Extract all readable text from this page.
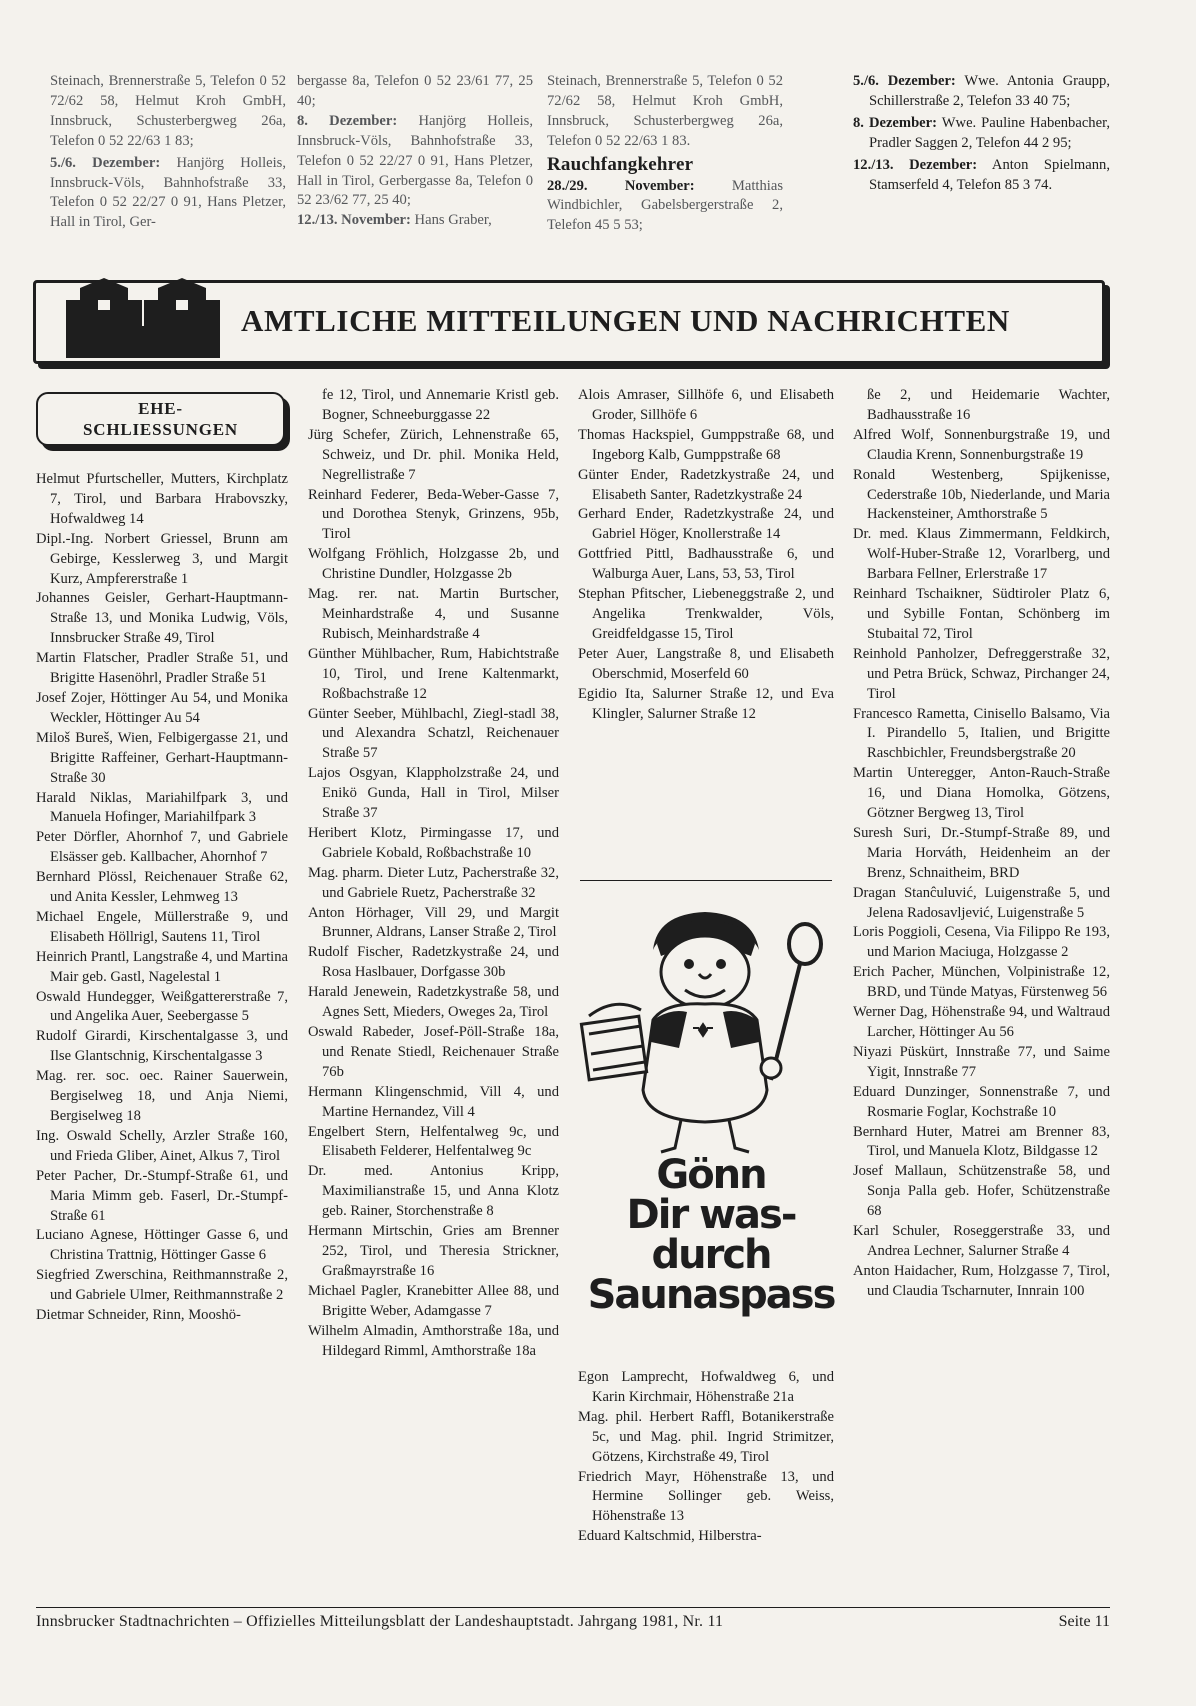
Steinach, Brennerstraße 5, Telefon 0 52 72/62 58, Helmut Kroh GmbH, Innsbruck, Schusterbergweg 26a, Telefon 0 52 22/63 1 83;

5./6. Dezember: Hanjörg Holleis, Innsbruck-Völs, Bahnhofstraße 33, Telefon 0 52 22/27 0 91, Hans Pletzer, Hall in Tirol, Ger-

bergasse 8a, Telefon 0 52 23/61 77, 25 40;

8. Dezember: Hanjörg Holleis, Innsbruck-Völs, Bahnhofstraße 33, Telefon 0 52 22/27 0 91, Hans Pletzer, Hall in Tirol, Gerbergasse 8a, Telefon 0 52 23/62 77, 25 40;

12./13. November: Hans Graber,

Steinach, Brennerstraße 5, Telefon 0 52 72/62 58, Helmut Kroh GmbH, Innsbruck, Schusterbergweg 26a, Telefon 0 52 22/63 1 83.

Rauchfangkehrer

28./29. November:	Matthias Windbichler, Gabelsbergerstraße 2, Telefon 45 5 53;

5./6. Dezember: Wwe. Antonia Graupp, Schillerstraße 2, Telefon 33 40 75;

8. Dezember: Wwe. Pauline Habenbacher, Pradler Saggen 2, Telefon 44 2 95;

12./13. Dezember: Anton Spielmann, Stamserfeld 4, Telefon 85 3 74.

AMTLICHE MITTEILUNGEN UND NACHRICHTEN
EHE-
SCHLIESSUNGEN

Helmut Pfurtscheller, Mutters, Kirchplatz 7, Tirol, und Barbara Hrabovszky, Hofwaldweg 14

Dipl.-Ing. Norbert Griessel, Brunn am Gebirge, Kesslerweg 3, und Margit Kurz, Ampfererstraße 1

Johannes Geisler, Gerhart-Hauptmann-Straße 13, und Monika Ludwig, Völs, Innsbrucker Straße 49, Tirol

Martin Flatscher, Pradler Straße 51, und Brigitte Hasenöhrl, Pradler Straße 51

Josef Zojer, Höttinger Au 54, und Monika Weckler, Höttinger Au 54

Miloš Bureš, Wien, Felbigergasse 21, und Brigitte Raffeiner, Gerhart-Hauptmann-Straße 30

Harald Niklas, Mariahilfpark 3, und Manuela Hofinger, Mariahilfpark 3

Peter Dörfler, Ahornhof 7, und Gabriele Elsässer geb. Kallbacher, Ahornhof 7

Bernhard Plössl, Reichenauer Straße 62, und Anita Kessler, Lehmweg 13

Michael Engele, Müllerstraße 9, und Elisabeth Höllrigl, Sautens 11, Tirol

Heinrich Prantl, Langstraße 4, und Martina Mair geb. Gastl, Nagelestal 1

Oswald Hundegger, Weißgattererstraße 7, und Angelika Auer, Seebergasse 5

Rudolf Girardi, Kirschentalgasse 3, und Ilse Glantschnig, Kirschentalgasse 3

Mag. rer. soc. oec. Rainer Sauerwein, Bergiselweg 18, und Anja Niemi, Bergiselweg 18

Ing. Oswald Schelly, Arzler Straße 160, und Frieda Gliber, Ainet, Alkus 7, Tirol

Peter Pacher, Dr.-Stumpf-Straße 61, und Maria Mimm geb. Faserl, Dr.-Stumpf-Straße 61

Luciano Agnese, Höttinger Gasse 6, und Christina Trattnig, Höttinger Gasse 6

Siegfried Zwerschina, Reithmannstraße 2, und Gabriele Ulmer, Reithmannstraße 2

Dietmar Schneider, Rinn, Mooshö-

fe 12, Tirol, und Annemarie Kristl geb. Bogner, Schneeburggasse 22

Jürg Schefer, Zürich, Lehnenstraße 65, Schweiz, und Dr. phil. Monika Held, Negrellistraße 7

Reinhard Federer, Beda-Weber-Gasse 7, und Dorothea Stenyk, Grinzens, 95b, Tirol

Wolfgang Fröhlich, Holzgasse 2b, und Christine Dundler, Holzgasse 2b

Mag. rer. nat. Martin Burtscher, Meinhardstraße 4, und Susanne Rubisch, Meinhardstraße 4

Günther Mühlbacher, Rum, Habichtstraße 10, Tirol, und Irene Kaltenmarkt, Roßbachstraße 12

Günter Seeber, Mühlbachl, Ziegl-stadl 38, und Alexandra Schatzl, Reichenauer Straße 57

Lajos Osgyan, Klappholzstraße 24, und Enikö Gunda, Hall in Tirol, Milser Straße 37

Heribert Klotz, Pirmingasse 17, und Gabriele Kobald, Roßbachstraße 10

Mag. pharm. Dieter Lutz, Pacherstraße 32, und Gabriele Ruetz, Pacherstraße 32

Anton Hörhager, Vill 29, und Margit Brunner, Aldrans, Lanser Straße 2, Tirol

Rudolf Fischer, Radetzkystraße 24, und Rosa Haslbauer, Dorfgasse 30b

Harald Jenewein, Radetzkystraße 58, und Agnes Sett, Mieders, Oweges 2a, Tirol

Oswald Rabeder, Josef-Pöll-Straße 18a, und Renate Stiedl, Reichenauer Straße 76b

Hermann Klingenschmid, Vill 4, und Martine Hernandez, Vill 4

Engelbert Stern, Helfentalweg 9c, und Elisabeth Felderer, Helfentalweg 9c

Dr. med. Antonius Kripp, Maximilianstraße 15, und Anna Klotz geb. Rainer, Storchenstraße 8

Hermann Mirtschin, Gries am Brenner 252, Tirol, und Theresia Strickner, Graßmayrstraße 16

Michael Pagler, Kranebitter Allee 88, und Brigitte Weber, Adamgasse 7

Wilhelm Almadin, Amthorstraße 18a, und Hildegard Rimml, Amthorstraße 18a

Alois Amraser, Sillhöfe 6, und Elisabeth Groder, Sillhöfe 6

Thomas Hackspiel, Gumppstraße 68, und Ingeborg Kalb, Gumppstraße 68

Günter Ender, Radetzkystraße 24, und Elisabeth Santer, Radetzkystraße 24

Gerhard Ender, Radetzkystraße 24, und Gabriel Höger, Knollerstraße 14

Gottfried Pittl, Badhausstraße 6, und Walburga Auer, Lans, 53, 53, Tirol

Stephan Pfitscher, Liebeneggstraße 2, und Angelika Trenkwalder, Völs, Greidfeldgasse 15, Tirol

Peter Auer, Langstraße 8, und Elisabeth Oberschmid, Moserfeld 60

Egidio Ita, Salurner Straße 12, und Eva Klingler, Salurner Straße 12

Gönn
Dir was-
durch
Saunaspass

Egon Lamprecht, Hofwaldweg 6, und Karin Kirchmair, Höhenstraße 21a

Mag. phil. Herbert Raffl, Botanikerstraße 5c, und Mag. phil. Ingrid Strimitzer, Götzens, Kirchstraße 49, Tirol

Friedrich Mayr, Höhenstraße 13, und Hermine Sollinger geb. Weiss, Höhenstraße 13

Eduard Kaltschmid, Hilberstra-

ße 2, und Heidemarie Wachter, Badhausstraße 16

Alfred Wolf, Sonnenburgstraße 19, und Claudia Krenn, Sonnenburgstraße 19

Ronald Westenberg, Spijkenisse, Cederstraße 10b, Niederlande, und Maria Hackensteiner, Amthorstraße 5

Dr. med. Klaus Zimmermann, Feldkirch, Wolf-Huber-Straße 12, Vorarlberg, und Barbara Fellner, Erlerstraße 17

Reinhard Tschaikner, Südtiroler Platz 6, und Sybille Fontan, Schönberg im Stubaital 72, Tirol

Reinhold Panholzer, Defreggerstraße 32, und Petra Brück, Schwaz, Pirchanger 24, Tirol

Francesco Rametta, Cinisello Balsamo, Via I. Pirandello 5, Italien, und Brigitte Raschbichler, Freundsbergstraße 20

Martin Unteregger, Anton-Rauch-Straße 16, und Diana Homolka, Götzens, Götzner Bergweg 13, Tirol

Suresh Suri, Dr.-Stumpf-Straße 89, und Maria Horváth, Heidenheim an der Brenz, Schnaitheim, BRD

Dragan Stanĉuluvić, Luigenstraße 5, und Jelena Radosavljević, Luigenstraße 5

Loris Poggioli, Cesena, Via Filippo Re 193, und Marion Maciuga, Holzgasse 2

Erich Pacher, München, Volpinistraße 12, BRD, und Tünde Matyas, Fürstenweg 56

Werner Dag, Höhenstraße 94, und Waltraud Larcher, Höttinger Au 56

Niyazi Püskürt, Innstraße 77, und Saime Yigit, Innstraße 77

Eduard Dunzinger, Sonnenstraße 7, und Rosmarie Foglar, Kochstraße 10

Bernhard Huter, Matrei am Brenner 83, Tirol, und Manuela Klotz, Bildgasse 12

Josef Mallaun, Schützenstraße 58, und Sonja Palla geb. Hofer, Schützenstraße 68

Karl Schuler, Roseggerstraße 33, und Andrea Lechner, Salurner Straße 4

Anton Haidacher, Rum, Holzgasse 7, Tirol, und Claudia Tscharnuter, Innrain 100

Innsbrucker Stadtnachrichten – Offizielles Mitteilungsblatt der Landeshauptstadt. Jahrgang 1981, Nr. 11	Seite 11
